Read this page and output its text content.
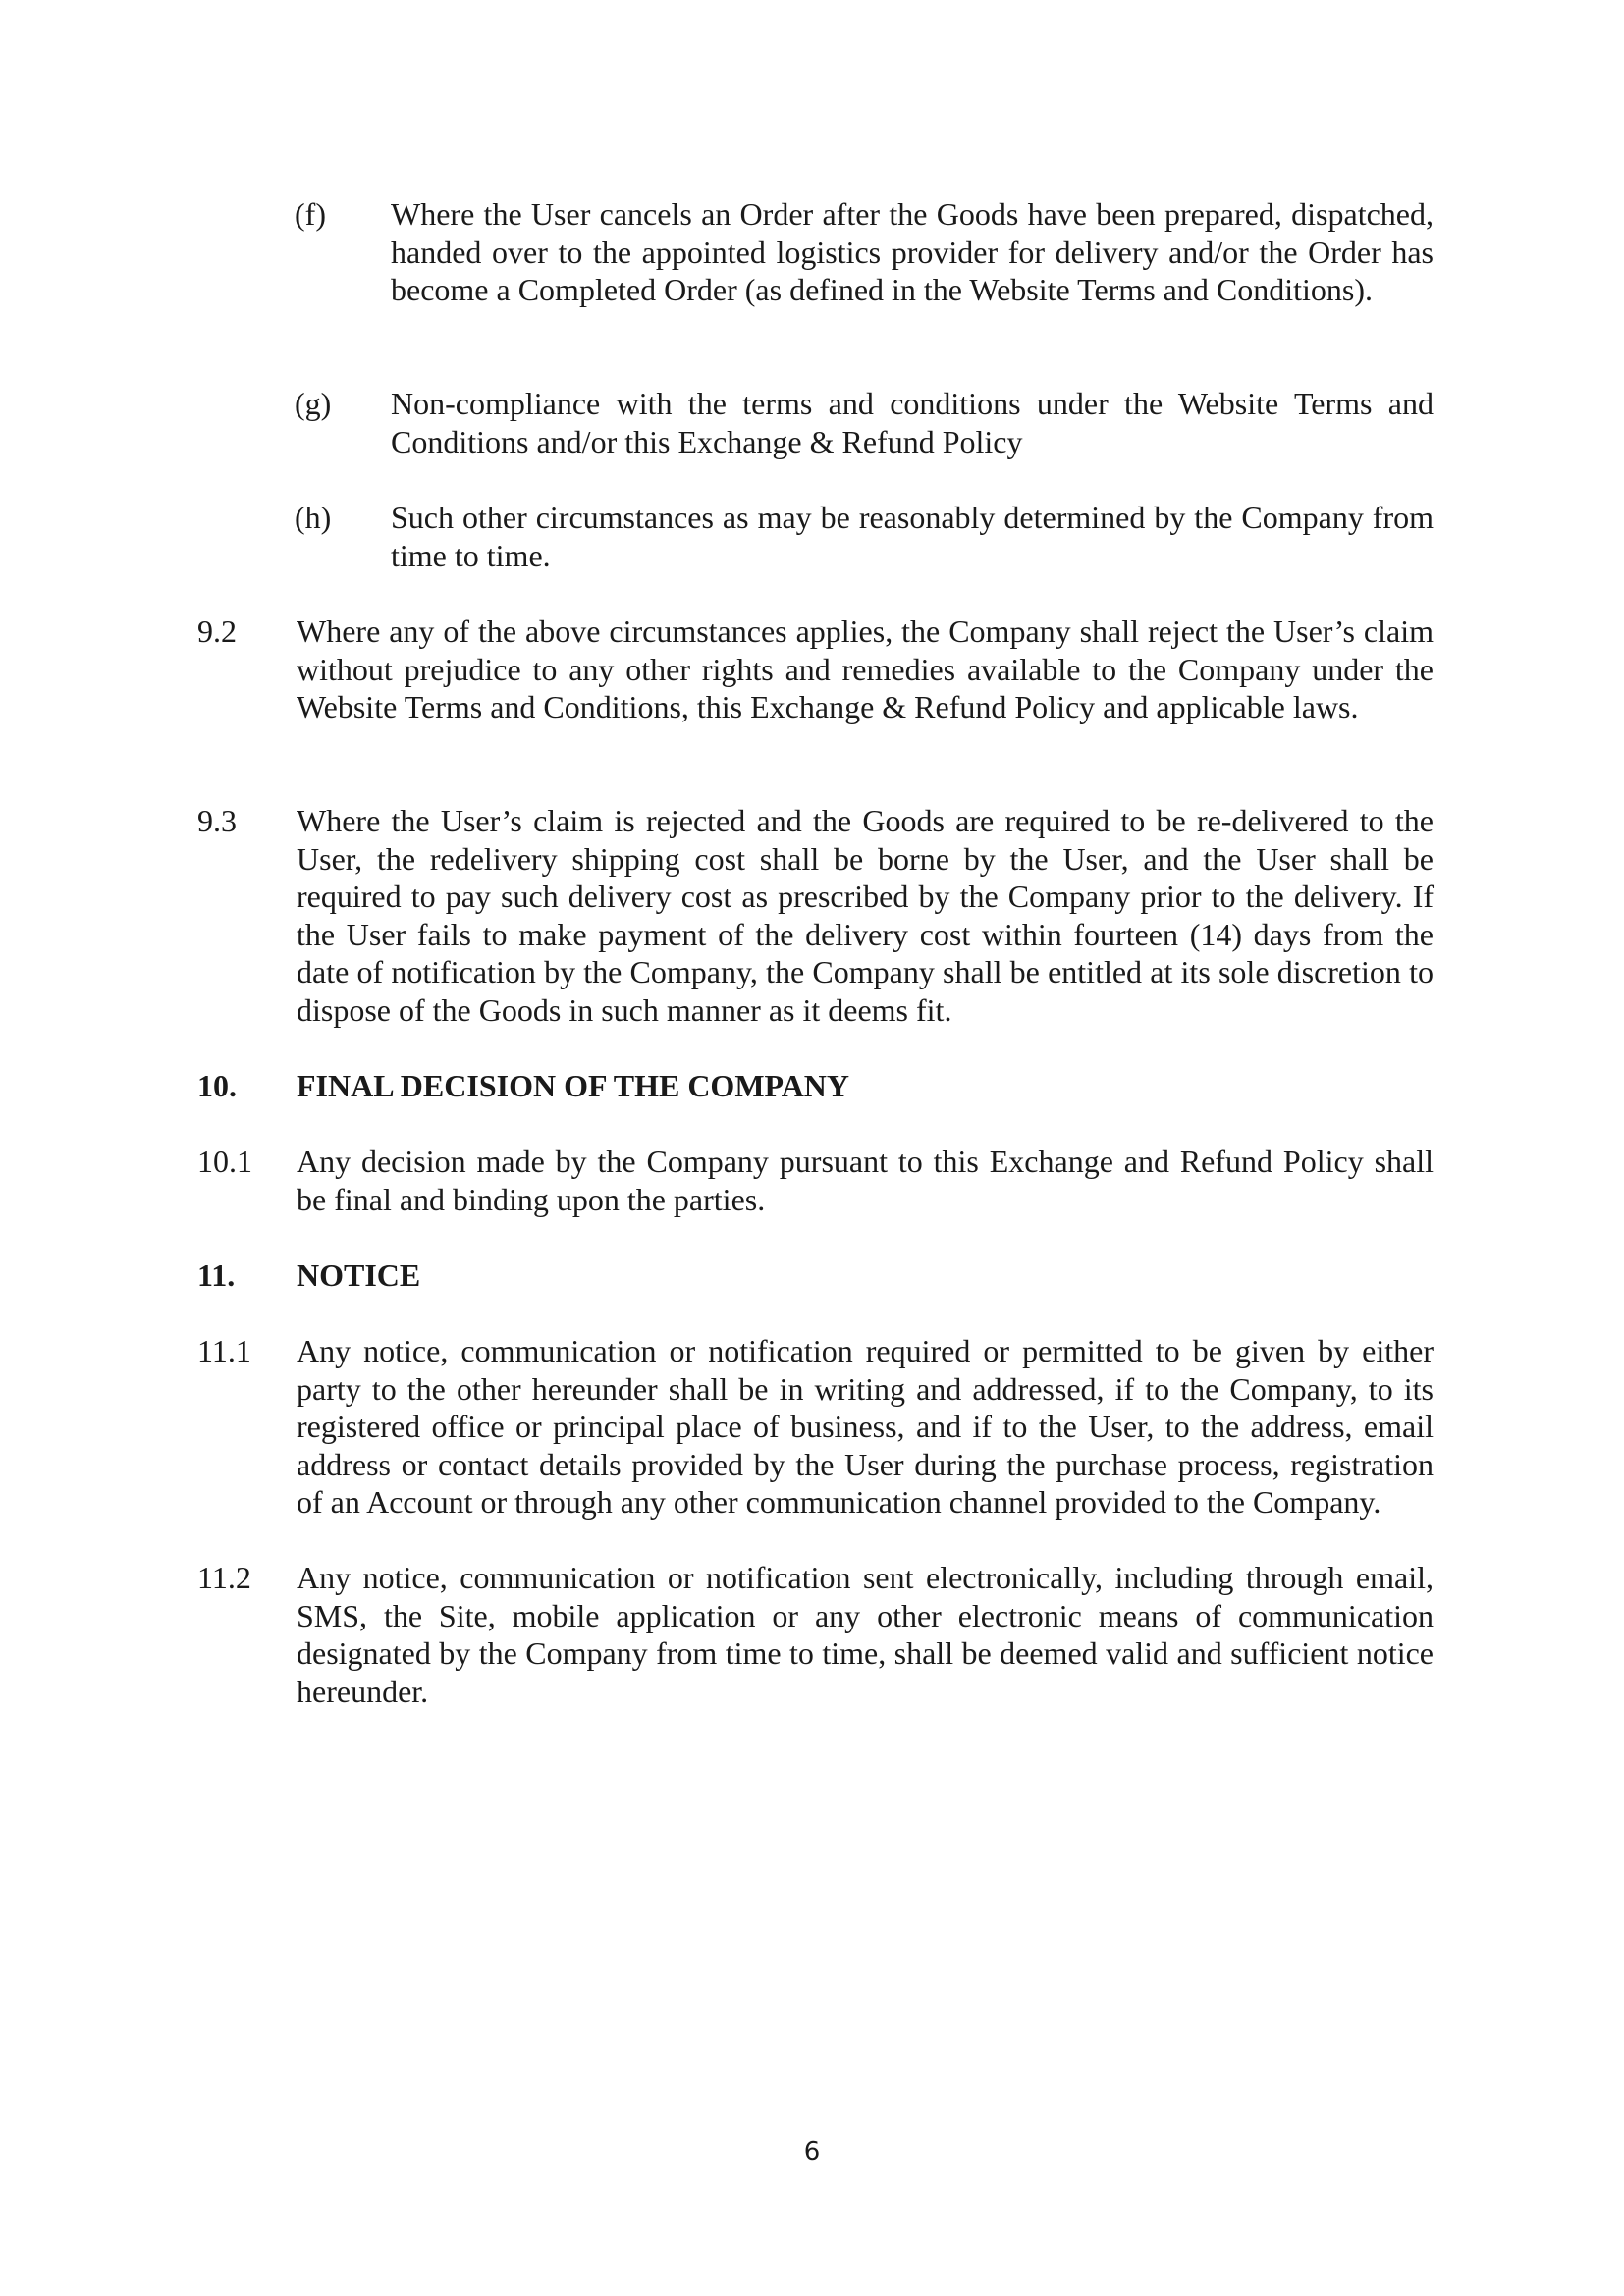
(f) Where the User cancels an Order after the Goods have been prepared, dispatched, handed over to the appointed logistics provider for delivery and/or the Order has become a Completed Order (as defined in the Website Terms and Conditions).

(g) Non-compliance with the terms and conditions under the Website Terms and Conditions and/or this Exchange & Refund Policy

(h) Such other circumstances as may be reasonably determined by the Company from time to time.

9.2 Where any of the above circumstances applies, the Company shall reject the User’s claim without prejudice to any other rights and remedies available to the Company under the Website Terms and Conditions, this Exchange & Refund Policy and applicable laws.

9.3 Where the User’s claim is rejected and the Goods are required to be re-delivered to the User, the redelivery shipping cost shall be borne by the User, and the User shall be required to pay such delivery cost as prescribed by the Company prior to the delivery. If the User fails to make payment of the delivery cost within fourteen (14) days from the date of notification by the Company, the Company shall be entitled at its sole discretion to dispose of the Goods in such manner as it deems fit.

10. FINAL DECISION OF THE COMPANY
10.1 Any decision made by the Company pursuant to this Exchange and Refund Policy shall be final and binding upon the parties.

11. NOTICE
11.1 Any notice, communication or notification required or permitted to be given by either party to the other hereunder shall be in writing and addressed, if to the Company, to its registered office or principal place of business, and if to the User, to the address, email address or contact details provided by the User during the purchase process, registration of an Account or through any other communication channel provided to the Company.

11.2 Any notice, communication or notification sent electronically, including through email, SMS, the Site, mobile application or any other electronic means of communication designated by the Company from time to time, shall be deemed valid and sufficient notice hereunder.

6
